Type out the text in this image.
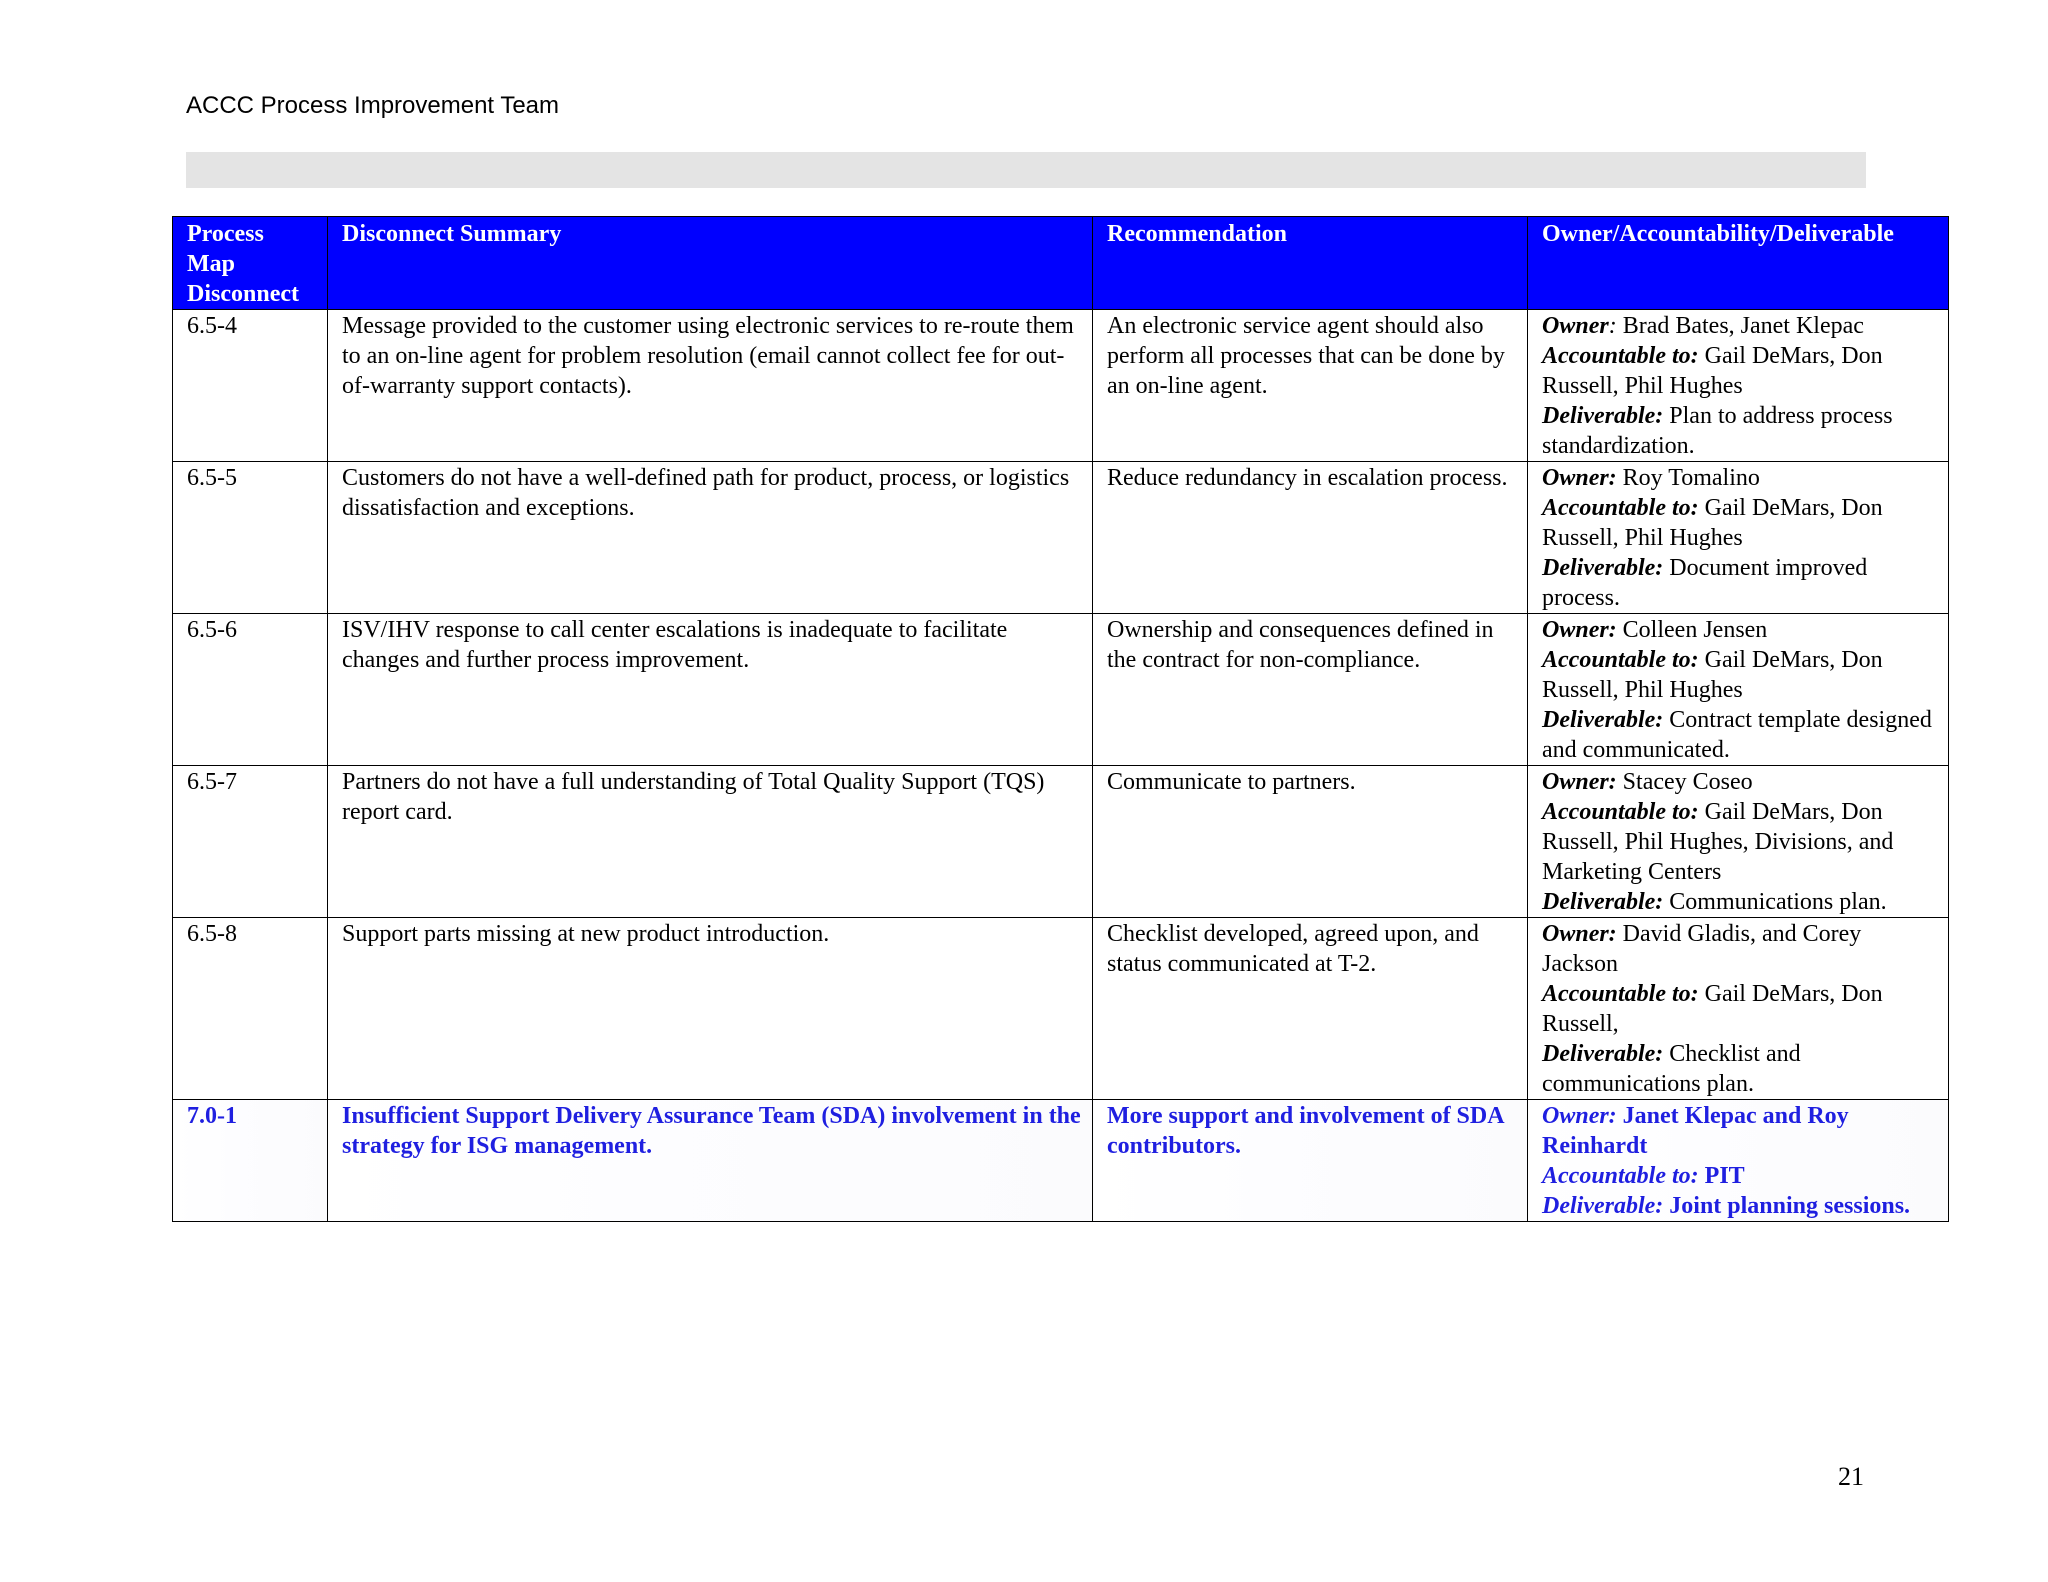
ACCC Process Improvement Team
Process Map Disconnect	Disconnect Summary	Recommendation	Owner/Accountability/Deliverable
6.5-4	Message provided to the customer using electronic services to re-route them to an on-line agent for problem resolution (email cannot collect fee for out-of-warranty support contacts).	An electronic service agent should also perform all processes that can be done by an on-line agent.	Owner: Brad Bates, Janet Klepac
Accountable to: Gail DeMars, Don Russell, Phil Hughes
Deliverable: Plan to address process standardization.

6.5-5	Customers do not have a well-defined path for product, process, or logistics dissatisfaction and exceptions.	Reduce redundancy in escalation process.	Owner: Roy Tomalino
Accountable to: Gail DeMars, Don Russell, Phil Hughes
Deliverable: Document improved process.

6.5-6	ISV/IHV response to call center escalations is inadequate to facilitate changes and further process improvement.	Ownership and consequences defined in the contract for non-compliance.	Owner: Colleen Jensen
Accountable to: Gail DeMars, Don Russell, Phil Hughes
Deliverable: Contract template designed and communicated.

6.5-7	Partners do not have a full understanding of Total Quality Support (TQS) report card.	Communicate to partners.	Owner: Stacey Coseo
Accountable to: Gail DeMars, Don Russell, Phil Hughes, Divisions, and Marketing Centers
Deliverable: Communications plan.

6.5-8	Support parts missing at new product introduction.	Checklist developed, agreed upon, and status communicated at T-2.	Owner: David Gladis, and Corey Jackson
Accountable to: Gail DeMars, Don Russell,
Deliverable: Checklist and communications plan.

7.0-1	Insufficient Support Delivery Assurance Team (SDA) involvement in the strategy for ISG management.	More support and involvement of SDA contributors.	Owner: Janet Klepac and Roy Reinhardt
Accountable to: PIT
Deliverable: Joint planning sessions.
21
